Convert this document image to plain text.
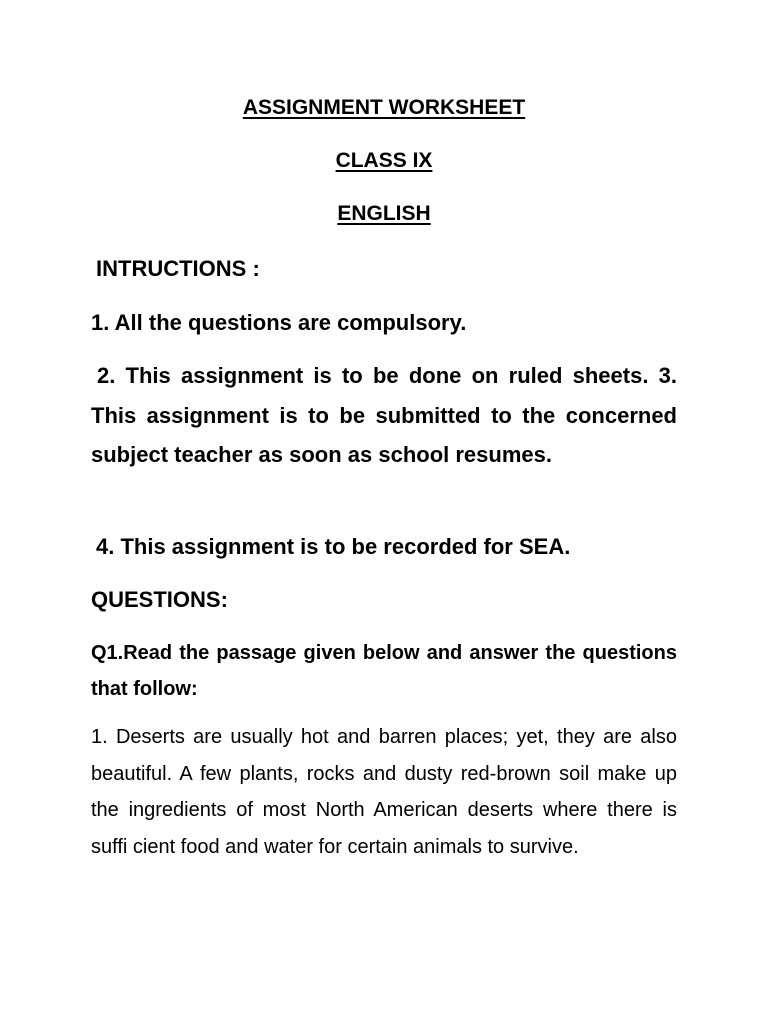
ASSIGNMENT WORKSHEET
CLASS IX
ENGLISH

INTRUCTIONS :

1. All the questions are compulsory.

2. This assignment is to be done on ruled sheets. 3. This assignment is to be submitted to the concerned subject teacher as soon as school resumes.

4. This assignment is to be recorded for SEA.

QUESTIONS:

Q1.Read the passage given below and answer the questions that follow:

1. Deserts are usually hot and barren places; yet, they are also beautiful. A few plants, rocks and dusty red-brown soil make up the ingredients of most North American deserts where there is suffi cient food and water for certain animals to survive.
